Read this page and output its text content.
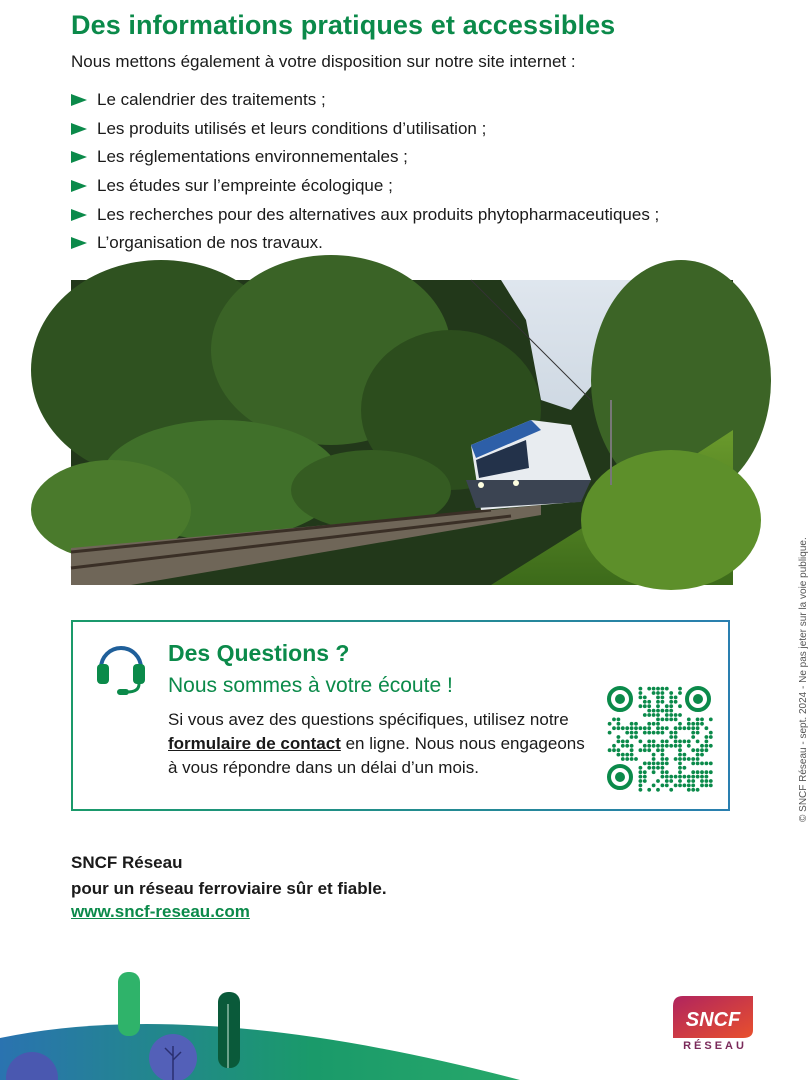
Des informations pratiques et accessibles

Nous mettons également à votre disposition sur notre site internet :

Le calendrier des traitements ;
Les produits utilisés et leurs conditions d’utilisation ;
Les réglementations environnementales ;
Les études sur l’empreinte écologique ;
Les recherches pour des alternatives aux produits phytopharmaceutiques ;
L’organisation de nos travaux.
Des Questions ?

Nous sommes à votre écoute !

Si vous avez des questions spécifiques, utilisez notre formulaire de contact en ligne. Nous nous engageons à vous répondre dans un délai d’un mois.

SNCF Réseau
pour un réseau ferroviaire sûr et fiable.

www.sncf-reseau.com
© SNCF Réseau - sept. 2024 - Ne pas jeter sur la voie publique.
SNCF
RÉSEAU
